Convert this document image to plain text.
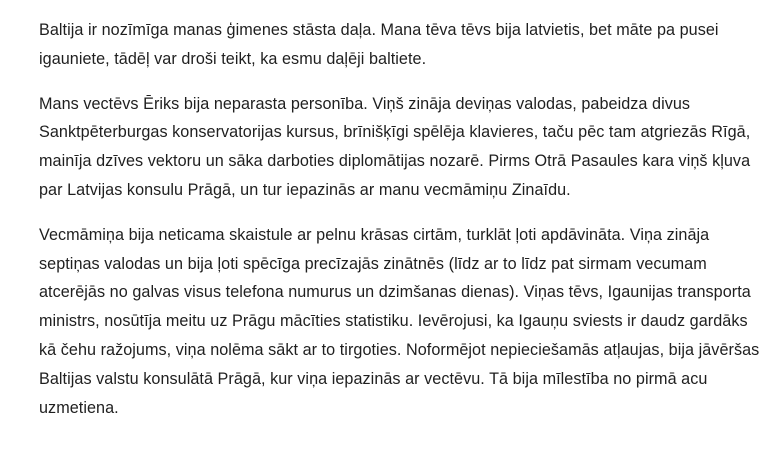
Baltija ir nozīmīga manas ģimenes stāsta daļa. Mana tēva tēvs bija latvietis, bet māte pa pusei igauniete, tādēļ var droši teikt, ka esmu daļēji baltiete.

Mans vectēvs Ēriks bija neparasta personība. Viņš zināja deviņas valodas, pabeidza divus Sanktpēterburgas konservatorijas kursus, brīnišķīgi spēlēja klavieres, taču pēc tam atgriezās Rīgā, mainīja dzīves vektoru un sāka darboties diplomātijas nozarē. Pirms Otrā Pasaules kara viņš kļuva par Latvijas konsulu Prāgā, un tur iepazinās ar manu vecmāmiņu Zinaīdu.

Vecmāmiņa bija neticama skaistule ar pelnu krāsas cirtām, turklāt ļoti apdāvināta. Viņa zināja septiņas valodas un bija ļoti spēcīga precīzajās zinātnēs (līdz ar to līdz pat sirmam vecumam atcerējās no galvas visus telefona numurus un dzimšanas dienas). Viņas tēvs, Igaunijas transporta ministrs, nosūtīja meitu uz Prāgu mācīties statistiku. Ievērojusi, ka Igauņu sviests ir daudz gardāks kā čehu ražojums, viņa nolēma sākt ar to tirgoties. Noformējot nepieciešamās atļaujas, bija jāvēršas Baltijas valstu konsulātā Prāgā, kur viņa iepazinās ar vectēvu. Tā bija mīlestība no pirmā acu uzmetiena.
